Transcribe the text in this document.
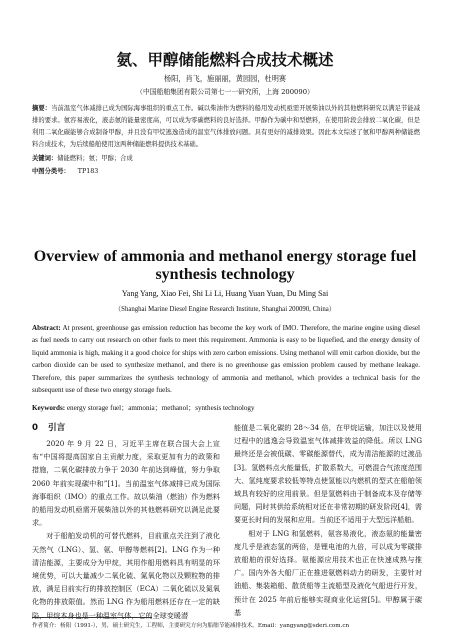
氨、甲醇储能燃料合成技术概述
杨阳，肖飞，施丽丽，黄园园，杜明赛
（中国船舶集团有限公司第七一一研究所，上海 200090）
摘要：当前温室气体减排已成为国际海事组织的重点工作。碱以柴油作为燃料的船用发动机亟需开展柴油以外的其他燃料研究以满足节能减排的要求。氨容易液化，液态氨的能量密度高，可以成为零碳燃料的良好选择。甲醇作为碳中和型燃料，在使用阶段会排放二氧化碳，但是利用二氧化碳能够合成制备甲醇，并且没有甲烷逃逸造成的温室气体排放问题。具有更好的减排效果。因此本文综述了氨和甲醇两种储能燃料合成技术，为后续船舶使用这两种储能燃料提供技术基础。
关键词：储能燃料；氨；甲醇；合成
中图分类号： TP183
Overview of ammonia and methanol energy storage fuel synthesis technology
Yang Yang, Xiao Fei, Shi Li Li, Huang Yuan Yuan, Du Ming Sai
（Shanghai Marine Diesel Engine Research Institute, Shanghai 200090, China）
Abstract: At present, greenhouse gas emission reduction has become the key work of IMO. Therefore, the marine engine using diesel as fuel needs to carry out research on other fuels to meet this requirement. Ammonia is easy to be liquefied, and the energy density of liquid ammonia is high, making it a good choice for ships with zero carbon emissions. Using methanol will emit carbon dioxide, but the carbon dioxide can be used to synthesize methanol, and there is no greenhouse gas emission problem caused by methane leakage. Therefore, this paper summarizes the synthesis technology of ammonia and methanol, which provides a technical basis for the subsequent use of these two energy storage fuels.
Keywords: energy storage fuel；ammonia；methanol；synthesis technology
0 引言

2020 年 9 月 22 日，习近平主席在联合国大会上宣布“中国将提高国家自主贡献力度，采取更加有力的政策和措施，二氧化碳排放力争于 2030 年前达到峰值，努力争取 2060 年前实现碳中和”[1]。当前温室气体减排已成为国际海事组织（IMO）的重点工作。故以柴油（燃油）作为燃料的船用发动机亟需开展柴油以外的其他燃料研究以满足此要求。

对于船舶发动机的可替代燃料，目前重点关注到了液化天然气（LNG）、氢、氨、甲醇等燃料[2]。LNG 作为一种清洁能源，主要成分为甲烷，其用作船用燃料具有明显的环境优势，可以大量减少二氧化硫、氮氧化物以及颗粒物的排放，满足目前实行的排放控制区（ECA）二氧化硫以及氮氧化物的排放限值。然而 LNG 作为船用燃料还存在一定的缺陷，甲烷本身也是一种温室气体，它的全球变暖潜

能值是二氧化碳的 28～34 倍，在甲烷运输，加注以及使用过程中的逃逸会导致温室气体减排效益的降低。所以 LNG 最终还是会被低碳、零碳能源替代，成为清洁能源的过渡品[3]。氢燃料点火能量低，扩散系数大，可燃混合气浓度范围大、氢纯度要求较低等特点使氢能以内燃机的型式在船舶领域具有较好的应用前景。但是氢燃料由于制备成本及存储等问题，同时其供给系统相对还在非常初期的研发阶段[4]，需要更长时间的发展和应用。当前还不适用于大型远洋船舶。

相对于 LNG 和氢燃料，氨容易液化，液态氨的能量密度几乎是液态氢的两倍，是锂电池的九倍，可以成为零碳排放船舶的很好选择。氨能源应用技术也正在快速成熟与推广。国内外各大船厂正在推进氨燃料动力的研发，主要针对油船、集装箱船、散货船等主流船型及液化气船进行开发，预计在 2025 年前后能够实现商业化运营[5]。甲醇属于碳基

作者简介：杨阳（1991-），男，硕士研究生，工程师，主要研究方向为船舶节能减排技术。Email：yangyang@sderi.com.cn
